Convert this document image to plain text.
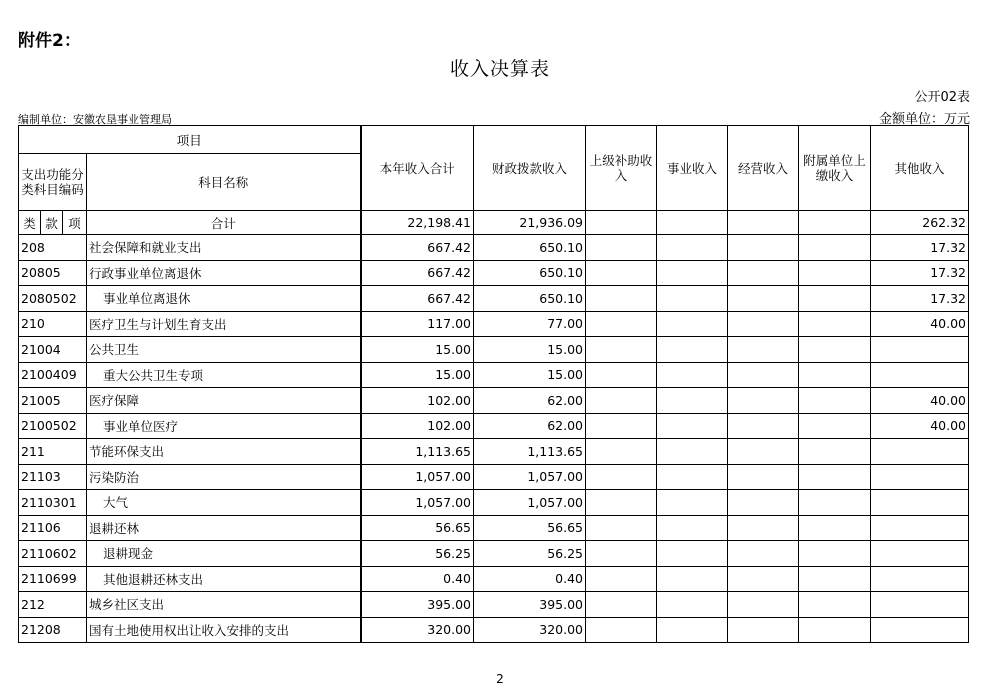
附件2：
收入决算表
公开02表
编制单位：安徽农垦事业管理局	金额单位：万元
项目				本年收入合计	财政拨款收入	上级补助收入	事业收入	经营收入	附属单位上缴收入	其他收入
支出功能分类科目编码			科目名称							
类	款	项	合计	22,198.41	21,936.09					262.32
208			社会保障和就业支出	667.42	650.10					17.32
20805			行政事业单位离退休	667.42	650.10					17.32
2080502			事业单位离退休	667.42	650.10					17.32
210			医疗卫生与计划生育支出	117.00	77.00					40.00
21004			公共卫生	15.00	15.00					
2100409			重大公共卫生专项	15.00	15.00					
21005			医疗保障	102.00	62.00					40.00
2100502			事业单位医疗	102.00	62.00					40.00
211			节能环保支出	1,113.65	1,113.65					
21103			污染防治	1,057.00	1,057.00					
2110301			大气	1,057.00	1,057.00					
21106			退耕还林	56.65	56.65					
2110602			退耕现金	56.25	56.25					
2110699			其他退耕还林支出	0.40	0.40					
212			城乡社区支出	395.00	395.00					
21208			国有土地使用权出让收入安排的支出	320.00	320.00					
2
